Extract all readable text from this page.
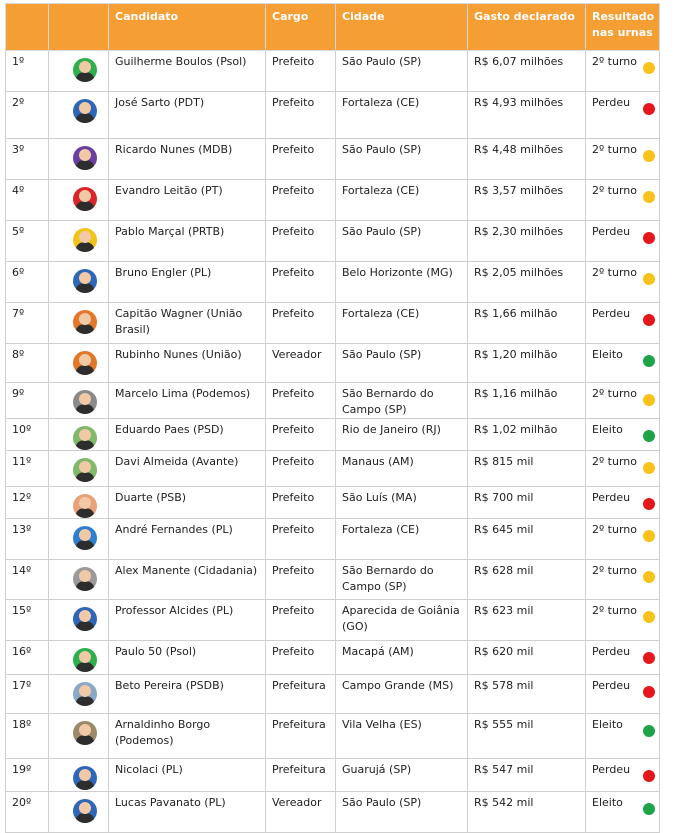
		Candidato	Cargo	Cidade	Gasto declarado	Resultado nas urnas
1º		Guilherme Boulos (Psol)	Prefeito	São Paulo (SP)	R$ 6,07 milhões	2º turno

2º		José Sarto (PDT)	Prefeito	Fortaleza (CE)	R$ 4,93 milhões	Perdeu

3º		Ricardo Nunes (MDB)	Prefeito	São Paulo (SP)	R$ 4,48 milhões	2º turno

4º		Evandro Leitão (PT)	Prefeito	Fortaleza (CE)	R$ 3,57 milhões	2º turno

5º		Pablo Marçal (PRTB)	Prefeito	São Paulo (SP)	R$ 2,30 milhões	Perdeu

6º		Bruno Engler (PL)	Prefeito	Belo Horizonte (MG)	R$ 2,05 milhões	2º turno

7º		Capitão Wagner (União Brasil)	Prefeito	Fortaleza (CE)	R$ 1,66 milhão	Perdeu

8º		Rubinho Nunes (União)	Vereador	São Paulo (SP)	R$ 1,20 milhão	Eleito

9º		Marcelo Lima (Podemos)	Prefeito	São Bernardo do Campo (SP)	R$ 1,16 milhão	2º turno

10º		Eduardo Paes (PSD)	Prefeito	Rio de Janeiro (RJ)	R$ 1,02 milhão	Eleito

11º		Davi Almeida (Avante)	Prefeito	Manaus (AM)	R$ 815 mil	2º turno

12º		Duarte (PSB)	Prefeito	São Luís (MA)	R$ 700 mil	Perdeu

13º		André Fernandes (PL)	Prefeito	Fortaleza (CE)	R$ 645 mil	2º turno

14º		Alex Manente (Cidadania)	Prefeito	São Bernardo do Campo (SP)	R$ 628 mil	2º turno

15º		Professor Alcides (PL)	Prefeito	Aparecida de Goiânia (GO)	R$ 623 mil	2º turno

16º		Paulo 50 (Psol)	Prefeito	Macapá (AM)	R$ 620 mil	Perdeu

17º		Beto Pereira (PSDB)	Prefeitura	Campo Grande (MS)	R$ 578 mil	Perdeu

18º		Arnaldinho Borgo (Podemos)	Prefeitura	Vila Velha (ES)	R$ 555 mil	Eleito

19º		Nicolaci (PL)	Prefeitura	Guarujá (SP)	R$ 547 mil	Perdeu

20º		Lucas Pavanato (PL)	Vereador	São Paulo (SP)	R$ 542 mil	Eleito
